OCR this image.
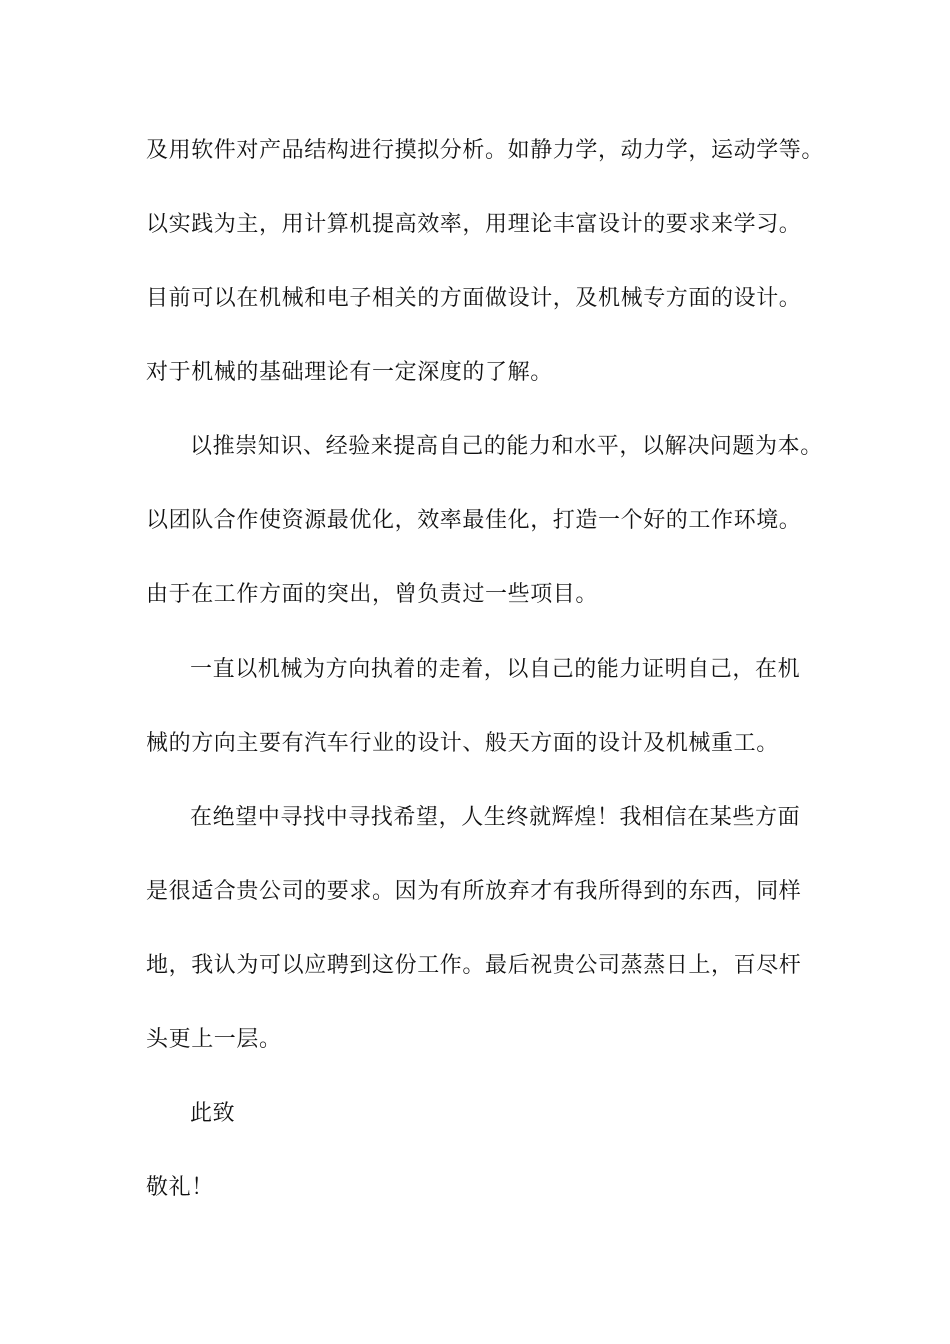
及用软件对产品结构进行摸拟分析。如静力学，动力学，运动学等。
以实践为主，用计算机提高效率，用理论丰富设计的要求来学习。
目前可以在机械和电子相关的方面做设计，及机械专方面的设计。
对于机械的基础理论有一定深度的了解。
以推崇知识、经验来提高自己的能力和水平，以解决问题为本。
以团队合作使资源最优化，效率最佳化，打造一个好的工作环境。
由于在工作方面的突出，曾负责过一些项目。
一直以机械为方向执着的走着，以自己的能力证明自己，在机
械的方向主要有汽车行业的设计、般天方面的设计及机械重工。
在绝望中寻找中寻找希望，人生终就辉煌！我相信在某些方面
是很适合贵公司的要求。因为有所放弃才有我所得到的东西，同样
地，我认为可以应聘到这份工作。最后祝贵公司蒸蒸日上，百尽杆
头更上一层。
此致
敬礼！
